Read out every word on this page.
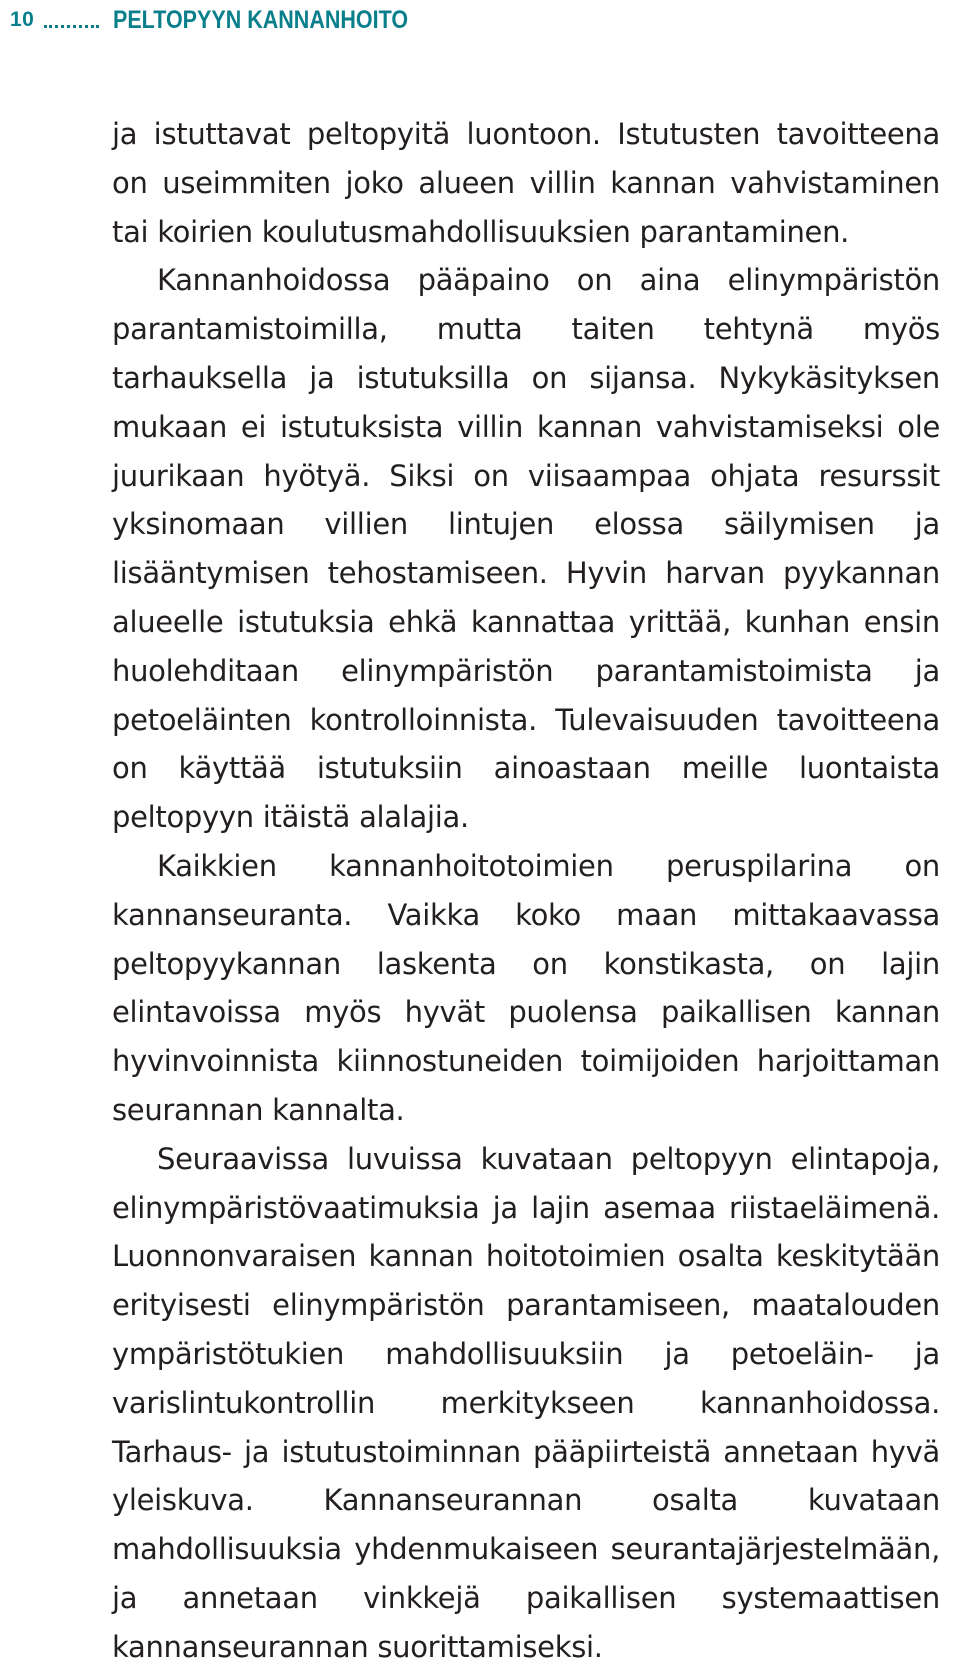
10	PELTOPYYN KANNANHOITO

ja istuttavat peltopyitä luontoon. Istutusten tavoitteena on useimmiten joko alueen villin kannan vahvistaminen tai koirien koulutusmahdollisuuksien parantaminen.

Kannanhoidossa pääpaino on aina elinympäristön parantamistoimilla, mutta taiten tehtynä myös tarhauksella ja istutuksilla on sijansa. Nykykäsityksen mukaan ei istutuksista villin kannan vahvistamiseksi ole juurikaan hyötyä. Siksi on viisaampaa ohjata resurssit yksinomaan villien lintujen elossa säilymisen ja lisääntymisen tehostamiseen. Hyvin harvan pyykannan alueelle istutuksia ehkä kannattaa yrittää, kunhan ensin huolehditaan elinympäristön parantamistoimista ja petoeläinten kontrolloinnista. Tulevaisuuden tavoitteena on käyttää istutuksiin ainoastaan meille luontaista peltopyyn itäistä alalajia.

Kaikkien kannanhoitotoimien peruspilarina on kannanseuranta. Vaikka koko maan mittakaavassa peltopyykannan laskenta on konstikasta, on lajin elintavoissa myös hyvät puolensa paikallisen kannan hyvinvoinnista kiinnostuneiden toimijoiden harjoittaman seurannan kannalta.

Seuraavissa luvuissa kuvataan peltopyyn elintapoja, elinympäristövaatimuksia ja lajin asemaa riistaeläimenä. Luonnonvaraisen kannan hoitotoimien osalta keskitytään erityisesti elinympäristön parantamiseen, maatalouden ympäristötukien mahdollisuuksiin ja petoeläin- ja varislintukontrollin merkitykseen kannanhoidossa. Tarhaus- ja istutustoiminnan pääpiirteistä annetaan hyvä yleiskuva. Kannanseurannan osalta kuvataan mahdollisuuksia yhdenmukaiseen seurantajärjestelmään, ja annetaan vinkkejä paikallisen systemaattisen kannanseurannan suorittamiseksi.
